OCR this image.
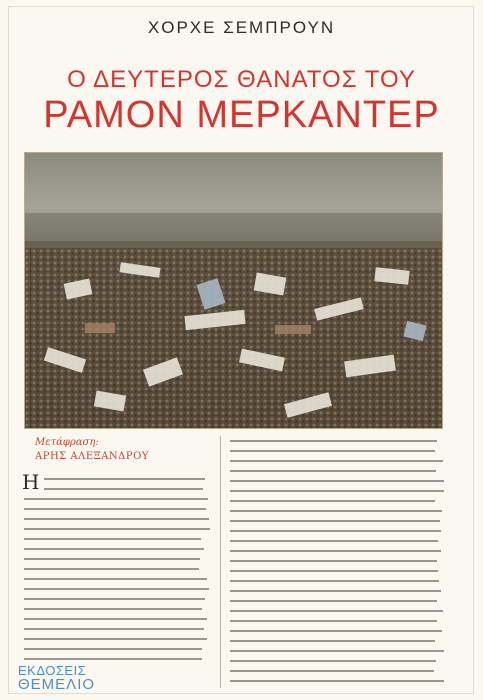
ΧΟΡΧΕ ΣΕΜΠΡΟΥΝ
Ο ΔΕΥΤΕΡΟΣ ΘΑΝΑΤΟΣ ΤΟΥ
ΡΑΜΟΝ ΜΕΡΚΑΝΤΕΡ
Μετάφραση:
ΑΡΗΣ ΑΛΕΞΑΝΔΡΟΥ
Η
ΕΚΔΟΣΕΙΣ
ΘΕΜΕΛΙΟ
